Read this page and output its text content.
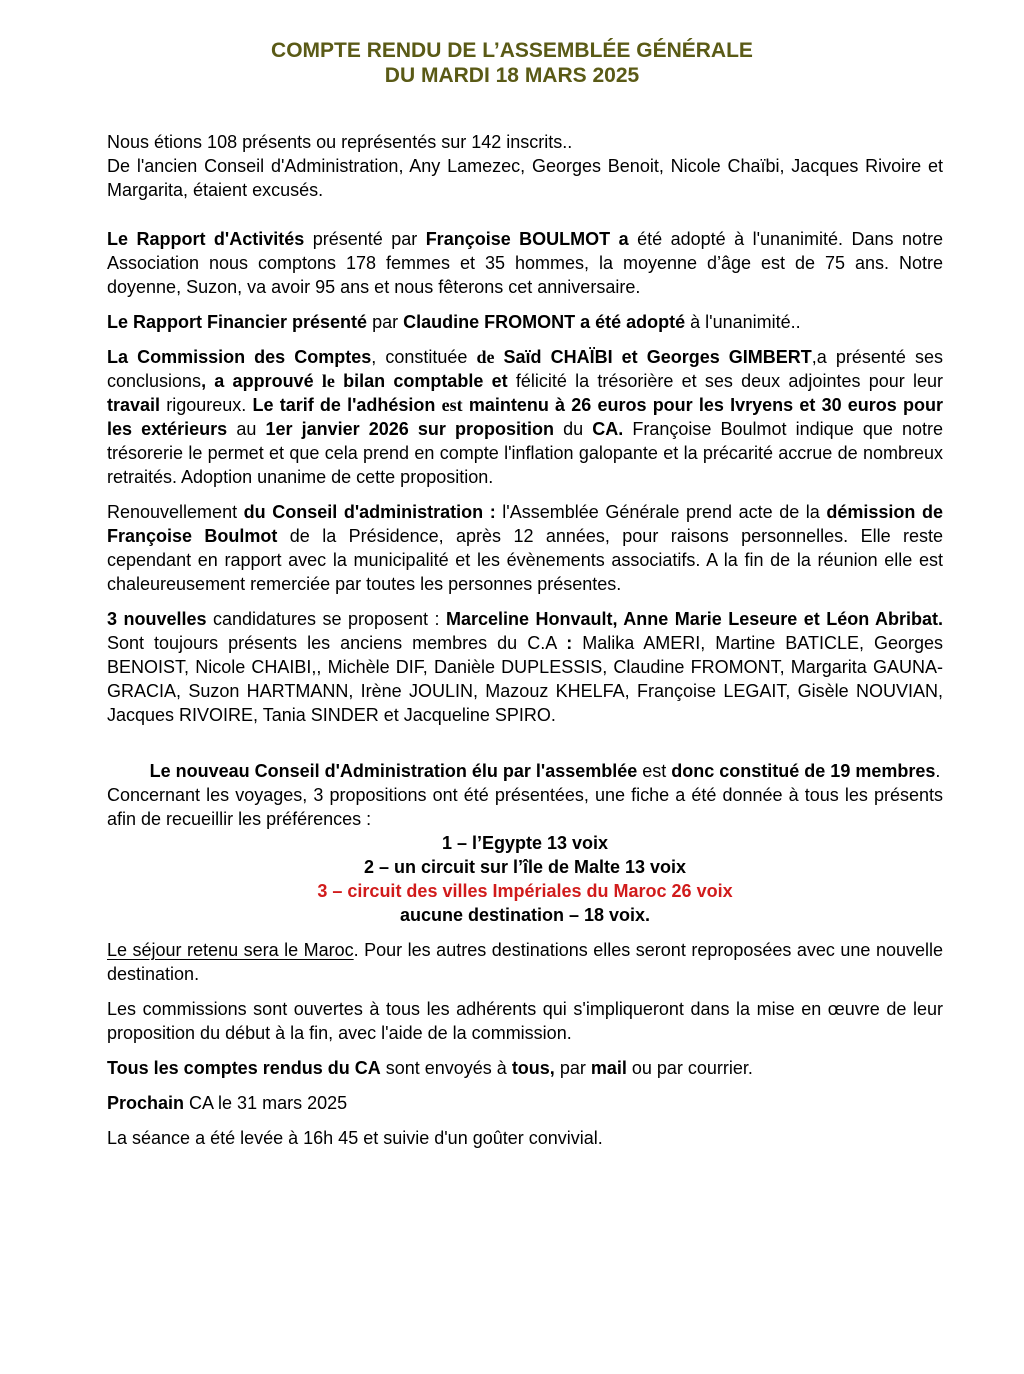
COMPTE RENDU DE L’ASSEMBLÉE GÉNÉRALE
DU MARDI 18 MARS 2025

Nous étions 108 présents ou représentés sur 142 inscrits..
De l'ancien Conseil d'Administration, Any Lamezec, Georges Benoit, Nicole Chaïbi, Jacques Rivoire et Margarita, étaient excusés.

Le Rapport d'Activités présenté par Françoise BOULMOT a été adopté à l'unanimité. Dans notre Association nous comptons 178 femmes et 35 hommes, la moyenne d’âge est de 75 ans. Notre doyenne, Suzon, va avoir 95 ans et nous fêterons cet anniversaire.

Le Rapport Financier présenté par Claudine FROMONT a été adopté à l'unanimité..

La Commission des Comptes, constituée de Saïd CHAÏBI et Georges GIMBERT,a présenté ses conclusions, a approuvé le bilan comptable et félicité la trésorière et ses deux adjointes pour leur travail rigoureux. Le tarif de l'adhésion est maintenu à 26 euros pour les Ivryens et 30 euros pour les extérieurs au 1er janvier 2026 sur proposition du CA. Françoise Boulmot indique que notre trésorerie le permet et que cela prend en compte l'inflation galopante et la précarité accrue de nombreux retraités. Adoption unanime de cette proposition.

Renouvellement du Conseil d'administration : l'Assemblée Générale prend acte de la démission de Françoise Boulmot de la Présidence, après 12 années, pour raisons personnelles. Elle reste cependant en rapport avec la municipalité et les évènements associatifs. A la fin de la réunion elle est chaleureusement remerciée par toutes les personnes présentes.

3 nouvelles candidatures se proposent : Marceline Honvault, Anne Marie Leseure et Léon Abribat. Sont toujours présents les anciens membres du C.A : Malika AMERI, Martine BATICLE, Georges BENOIST, Nicole CHAIBI,, Michèle DIF, Danièle DUPLESSIS, Claudine FROMONT, Margarita GAUNA-GRACIA, Suzon HARTMANN, Irène JOULIN, Mazouz KHELFA, Françoise LEGAIT, Gisèle NOUVIAN, Jacques RIVOIRE, Tania SINDER et Jacqueline SPIRO.

Le nouveau Conseil d'Administration élu par l'assemblée est donc constitué de 19 membres.

Concernant les voyages, 3 propositions ont été présentées, une fiche a été donnée à tous les présents afin de recueillir les préférences :

1 – l’Egypte 13 voix
2 – un circuit sur l’île de Malte 13 voix
3 – circuit des villes Impériales du Maroc 26 voix
aucune destination – 18 voix.

Le séjour retenu sera le Maroc. Pour les autres destinations elles seront reproposées avec une nouvelle destination.

Les commissions sont ouvertes à tous les adhérents qui s'impliqueront dans la mise en œuvre de leur proposition du début à la fin, avec l'aide de la commission.

Tous les comptes rendus du CA sont envoyés à tous, par mail ou par courrier.

Prochain CA le 31 mars 2025

La séance a été levée à 16h 45 et suivie d'un goûter convivial.
